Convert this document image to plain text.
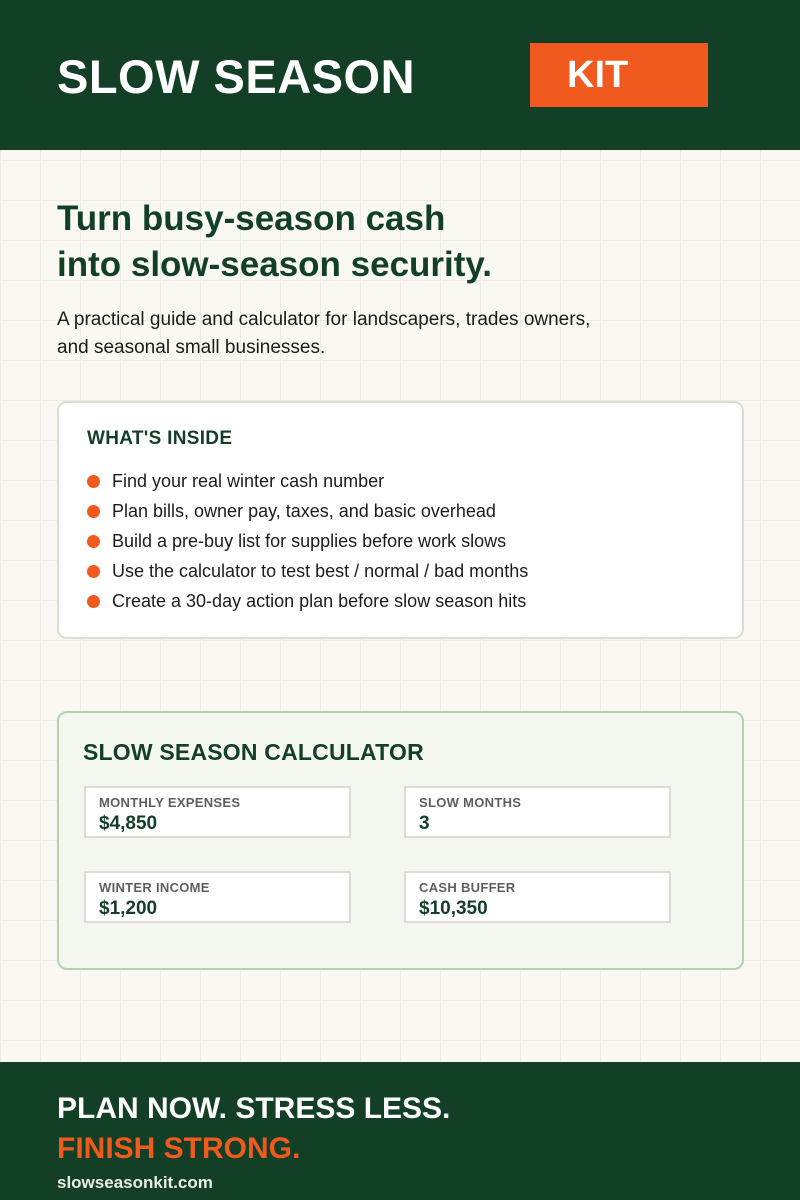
SLOW SEASON	KIT
Turn busy-season cash
into slow-season security.

A practical guide and calculator for landscapers, trades owners,
and seasonal small businesses.

WHAT'S INSIDE
Find your real winter cash number
Plan bills, owner pay, taxes, and basic overhead
Build a pre-buy list for supplies before work slows
Use the calculator to test best / normal / bad months
Create a 30-day action plan before slow season hits
SLOW SEASON CALCULATOR
MONTHLY EXPENSES
$4,850
SLOW MONTHS
3
WINTER INCOME
$1,200
CASH BUFFER
$10,350
PLAN NOW. STRESS LESS.
FINISH STRONG.
slowseasonkit.com
